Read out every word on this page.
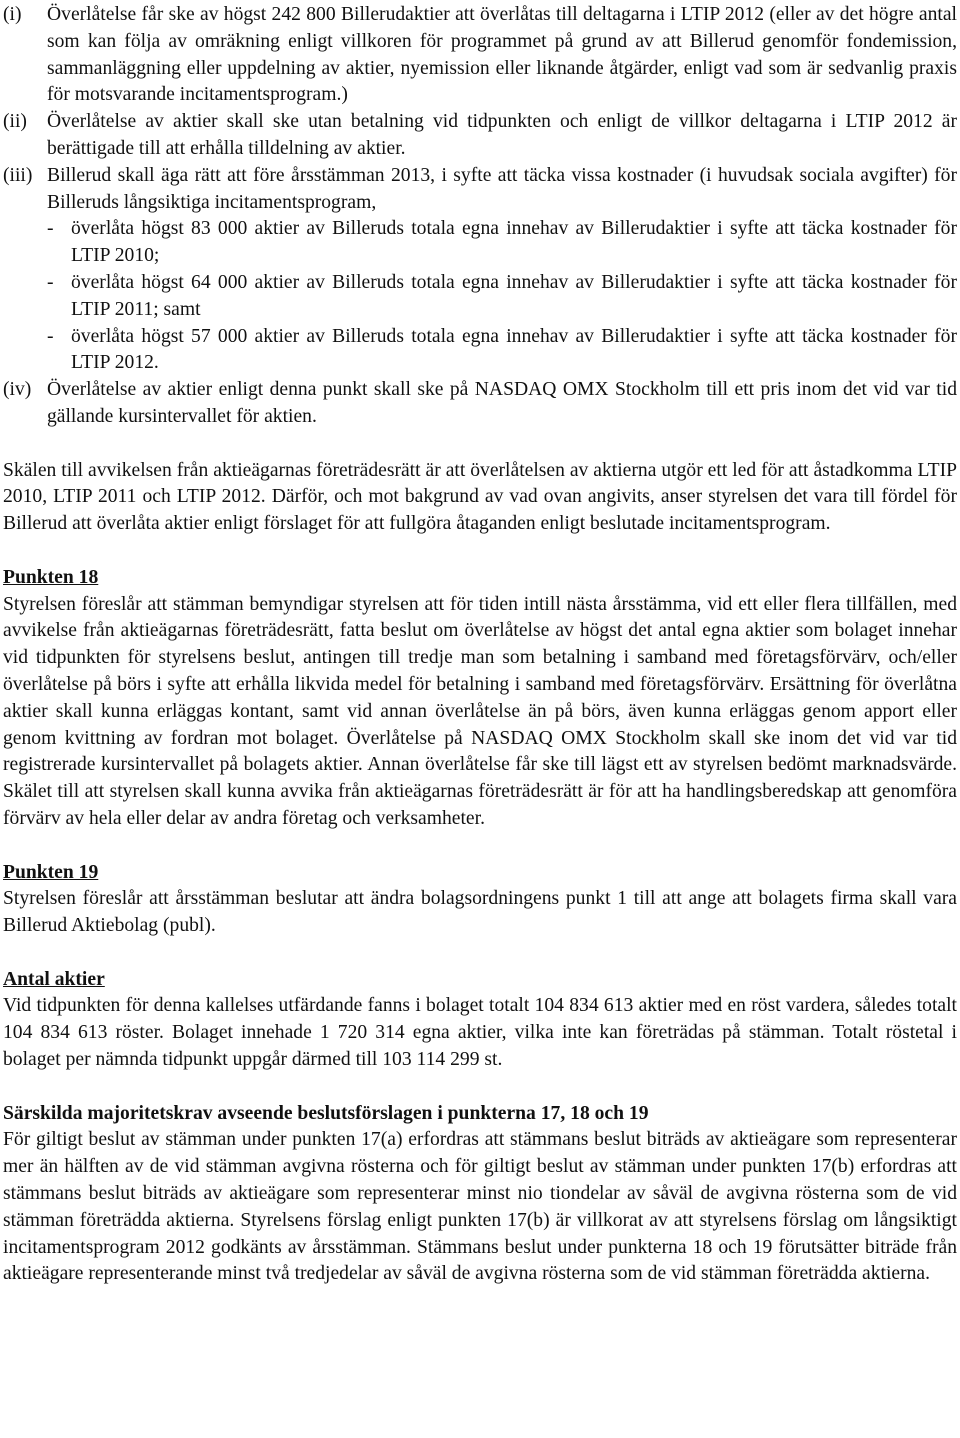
(i)	Överlåtelse får ske av högst 242 800 Billerudaktier att överlåtas till deltagarna i LTIP 2012 (eller av det högre antal som kan följa av omräkning enligt villkoren för programmet på grund av att Billerud genomför fondemission, sammanläggning eller uppdelning av aktier, nyemission eller liknande åtgärder, enligt vad som är sedvanlig praxis för motsvarande incitamentsprogram.)

(ii)	Överlåtelse av aktier skall ske utan betalning vid tidpunkten och enligt de villkor deltagarna i LTIP 2012 är berättigade till att erhålla tilldelning av aktier.

(iii) Billerud skall äga rätt att före årsstämman 2013, i syfte att täcka vissa kostnader (i huvudsak sociala avgifter) för Billeruds långsiktiga incitamentsprogram,

- överlåta högst 83 000 aktier av Billeruds totala egna innehav av Billerudaktier i syfte att täcka kostnader för LTIP 2010;
- överlåta högst 64 000 aktier av Billeruds totala egna innehav av Billerudaktier i syfte att täcka kostnader för LTIP 2011; samt
- överlåta högst 57 000 aktier av Billeruds totala egna innehav av Billerudaktier i syfte att täcka kostnader för LTIP 2012.
(iv) Överlåtelse av aktier enligt denna punkt skall ske på NASDAQ OMX Stockholm till ett pris inom det vid var tid gällande kursintervallet för aktien.

Skälen till avvikelsen från aktieägarnas företrädesrätt är att överlåtelsen av aktierna utgör ett led för att åstadkomma LTIP 2010, LTIP 2011 och LTIP 2012. Därför, och mot bakgrund av vad ovan angivits, anser styrelsen det vara till fördel för Billerud att överlåta aktier enligt förslaget för att fullgöra åtaganden enligt beslutade incitamentsprogram.

Punkten 18

Styrelsen föreslår att stämman bemyndigar styrelsen att för tiden intill nästa årsstämma, vid ett eller flera tillfällen, med avvikelse från aktieägarnas företrädesrätt, fatta beslut om överlåtelse av högst det antal egna aktier som bolaget innehar vid tidpunkten för styrelsens beslut, antingen till tredje man som betalning i samband med företagsförvärv, och/eller överlåtelse på börs i syfte att erhålla likvida medel för betalning i samband med företagsförvärv. Ersättning för överlåtna aktier skall kunna erläggas kontant, samt vid annan överlåtelse än på börs, även kunna erläggas genom apport eller genom kvittning av fordran mot bolaget. Överlåtelse på NASDAQ OMX Stockholm skall ske inom det vid var tid registrerade kursintervallet på bolagets aktier. Annan överlåtelse får ske till lägst ett av styrelsen bedömt marknadsvärde. Skälet till att styrelsen skall kunna avvika från aktieägarnas företrädesrätt är för att ha handlingsberedskap att genomföra förvärv av hela eller delar av andra företag och verksamheter.

Punkten 19

Styrelsen föreslår att årsstämman beslutar att ändra bolagsordningens punkt 1 till att ange att bolagets firma skall vara Billerud Aktiebolag (publ).

Antal aktier

Vid tidpunkten för denna kallelses utfärdande fanns i bolaget totalt 104 834 613 aktier med en röst vardera, således totalt 104 834 613 röster. Bolaget innehade 1 720 314 egna aktier, vilka inte kan företrädas på stämman. Totalt röstetal i bolaget per nämnda tidpunkt uppgår därmed till 103 114 299 st.

Särskilda majoritetskrav avseende beslutsförslagen i punkterna 17, 18 och 19

För giltigt beslut av stämman under punkten 17(a) erfordras att stämmans beslut biträds av aktieägare som representerar mer än hälften av de vid stämman avgivna rösterna och för giltigt beslut av stämman under punkten 17(b) erfordras att stämmans beslut biträds av aktieägare som representerar minst nio tiondelar av såväl de avgivna rösterna som de vid stämman företrädda aktierna. Styrelsens förslag enligt punkten 17(b) är villkorat av att styrelsens förslag om långsiktigt incitamentsprogram 2012 godkänts av årsstämman. Stämmans beslut under punkterna 18 och 19 förutsätter biträde från aktieägare representerande minst två tredjedelar av såväl de avgivna rösterna som de vid stämman företrädda aktierna.
